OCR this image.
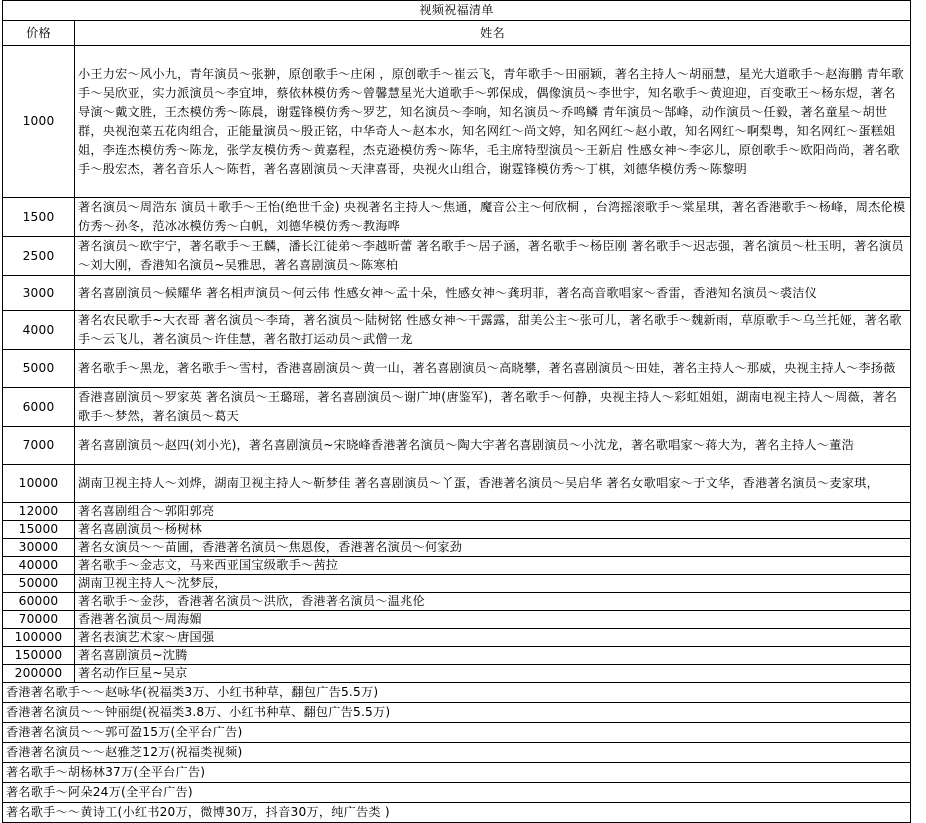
视频祝福清单	
价格	姓名
1000	小王力宏～风小九，青年演员～张翀，原创歌手～庄闲 ，原创歌手～崔云飞，青年歌手～田丽颖，著名主持人～胡丽慧，星光大道歌手～赵海鹏 青年歌手～吴欣亚，实力派演员～李宜坤，蔡依林模仿秀～曾馨慧星光大道歌手～郭保成，偶像演员～李世宇，知名歌手～黄迎迎，百变歌王～杨东煜，著名导演～戴文胜，王杰模仿秀～陈晨，谢霆锋模仿秀～罗艺，知名演员～李响，知名演员～乔鸣鳞 青年演员～郜峰，动作演员～任毅，著名童星～胡世群，央视泡菜五花肉组合，正能量演员～殷正铭，中华奇人～赵本水，知名网红～尚文婷，知名网红～赵小敢，知名网红～啊梨粤，知名网红～蛋糕姐姐，李连杰模仿秀～陈龙，张学友模仿秀～黄嘉程，杰克逊模仿秀～陈华，毛主席特型演员～王新启 性感女神～李宓儿，原创歌手～欧阳尚尚，著名歌手～殷宏杰，著名音乐人～陈哲，著名喜剧演员～天津喜哥，央视火山组合，谢霆锋模仿秀～丁棋，刘德华模仿秀～陈黎明
1500	著名演员～周浩东 演员＋歌手～王怡(绝世千金) 央视著名主持人～焦通，魔音公主～何欣桐 ，台湾摇滚歌手～棠星琪，著名香港歌手～杨峰，周杰伦模仿秀～孙冬，范冰冰模仿秀～白帆，刘德华模仿秀～教海哗
2500	著名演员～欧宇宁，著名歌手～王麟，潘长江徒弟～李越昕蕾 著名歌手～居子涵，著名歌手～杨臣刚 著名歌手～迟志强，著名演员～杜玉明，著名演员～刘大刚，香港知名演员~吴雅思，著名喜剧演员～陈寒柏
3000	著名喜剧演员～候耀华 著名相声演员～何云伟 性感女神～孟十朵，性感女神～龚玥菲，著名高音歌唱家～香雷，香港知名演员～裘洁仪
4000	著名农民歌手~大衣哥 著名演员～李琦，著名演员～陆树铭 性感女神～干露露，甜美公主～张可儿，著名歌手～魏新雨，草原歌手～乌兰托娅，著名歌手～云飞儿，著名演员～许佳慧，著名散打运动员～武僧一龙
5000	著名歌手～黑龙，著名歌手～雪村，香港喜剧演员～黄一山，著名喜剧演员～高晓攀，著名喜剧演员～田娃，著名主持人～那威，央视主持人～李扬薇
6000	香港喜剧演员～罗家英 著名演员～王璐瑶，著名喜剧演员～谢广坤(唐鉴军)，著名歌手～何静，央视主持人～彩虹姐姐，湖南电视主持人～周薇，著名歌手～梦然，著名演员～葛天
7000	著名喜剧演员～赵四(刘小光)，著名喜剧演员~宋晓峰香港著名演员～陶大宇著名喜剧演员～小沈龙，著名歌唱家～蒋大为，著名主持人～董浩
10000	湖南卫视主持人～刘烨，湖南卫视主持人～靳梦佳 著名喜剧演员～丫蛋，香港著名演员～吴启华 著名女歌唱家～于文华，香港著名演员～麦家琪，
12000	著名喜剧组合～郭阳郭亮
15000	著名喜剧演员～杨树林
30000	著名女演员～～苗圃，香港著名演员～焦恩俊，香港著名演员～何家劲
40000	著名歌手～金志文，马来西亚国宝级歌手～茜拉
50000	湖南卫视主持人～沈梦辰，
60000	著名歌手～金莎，香港著名演员～洪欣，香港著名演员～温兆伦
70000	香港著名演员～周海媚
100000	著名表演艺术家～唐国强
150000	著名喜剧演员~沈腾
200000	著名动作巨星~吴京
香港著名歌手～～赵咏华(祝福类3万、小红书种草，翻包广告5.5万)	
香港著名演员～～钟丽缇(祝福类3.8万、小红书种草、翻包广告5.5万)	
香港著名演员～～郭可盈15万(全平台广告)	
香港著名演员～～赵雅芝12万(祝福类视频)	
著名歌手～胡杨林37万(全平台广告)	
著名歌手～阿朵24万(全平台广告)	
著名歌手～～黄诗工(小红书20万，微博30万，抖音30万，纯广告类 )	
